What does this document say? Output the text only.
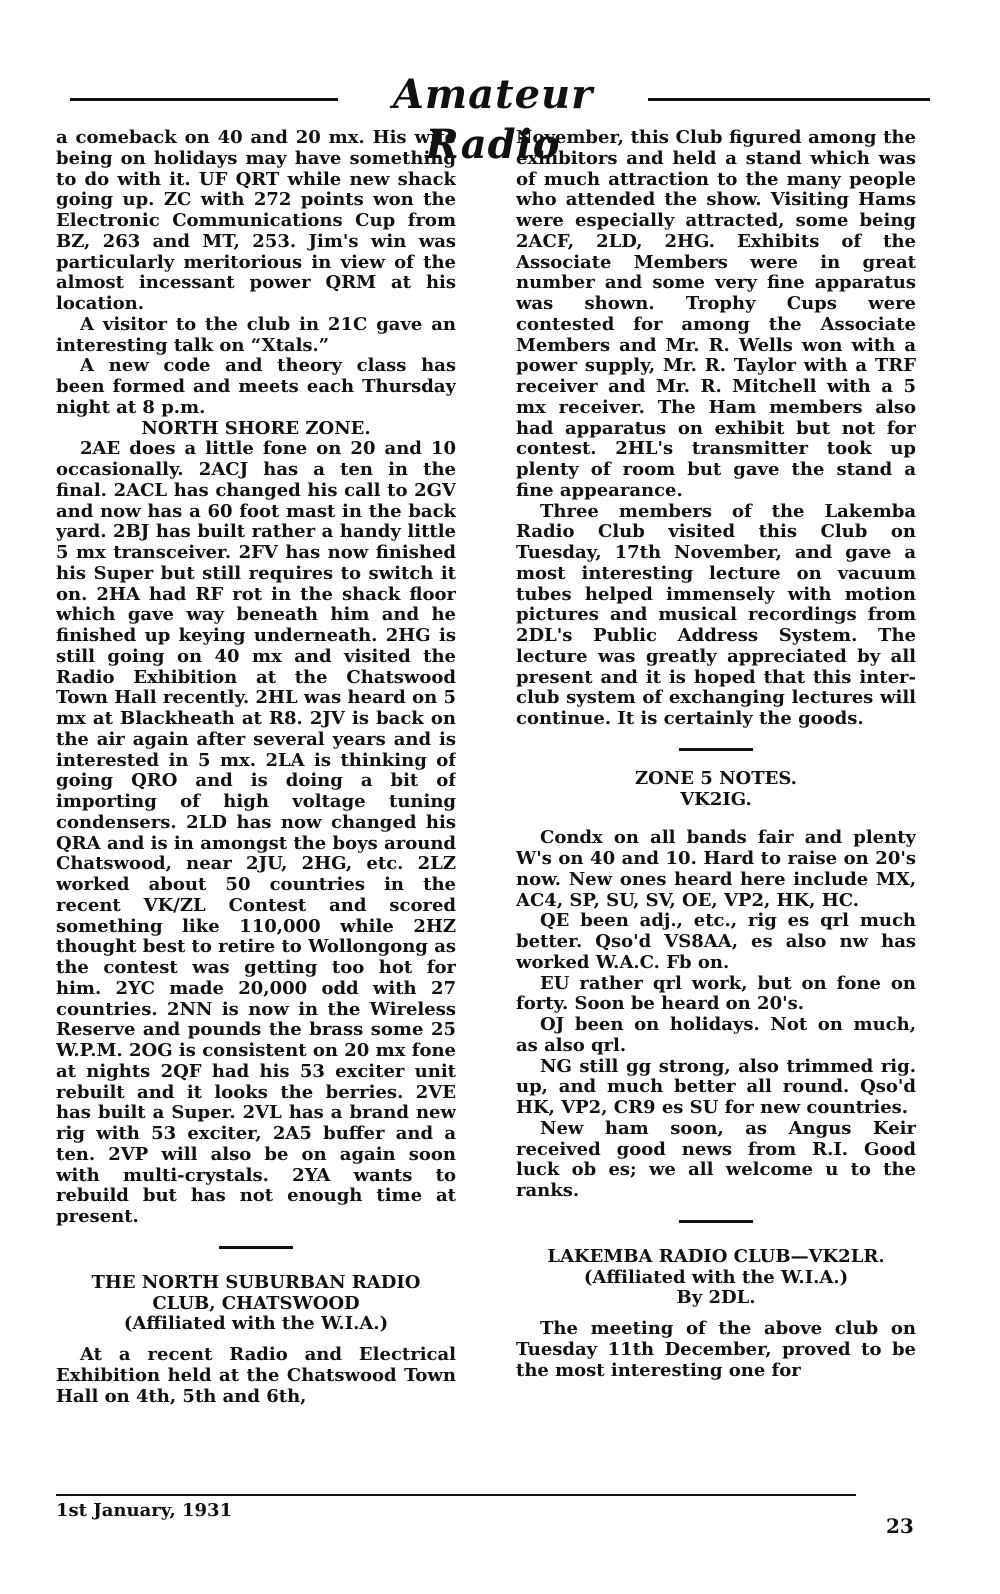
Amateur Radio

a comeback on 40 and 20 mx. His wife being on holidays may have something to do with it. UF QRT while new shack going up. ZC with 272 points won the Electronic Communications Cup from BZ, 263 and MT, 253. Jim's win was particularly meritorious in view of the almost incessant power QRM at his location.

A visitor to the club in 21C gave an interesting talk on “Xtals.”

A new code and theory class has been formed and meets each Thursday night at 8 p.m.

NORTH SHORE ZONE.

2AE does a little fone on 20 and 10 occasionally. 2ACJ has a ten in the final. 2ACL has changed his call to 2GV and now has a 60 foot mast in the back yard. 2BJ has built rather a handy little 5 mx transceiver. 2FV has now finished his Super but still requires to switch it on. 2HA had RF rot in the shack floor which gave way beneath him and he finished up keying underneath. 2HG is still going on 40 mx and visited the Radio Exhibition at the Chatswood Town Hall recently. 2HL was heard on 5 mx at Blackheath at R8. 2JV is back on the air again after several years and is interested in 5 mx. 2LA is thinking of going QRO and is doing a bit of importing of high voltage tuning condensers. 2LD has now changed his QRA and is in amongst the boys around Chatswood, near 2JU, 2HG, etc. 2LZ worked about 50 countries in the recent VK/ZL Contest and scored something like 110,000 while 2HZ thought best to retire to Wollongong as the contest was getting too hot for him. 2YC made 20,000 odd with 27 countries. 2NN is now in the Wireless Reserve and pounds the brass some 25 W.P.M. 2OG is consistent on 20 mx fone at nights 2QF had his 53 exciter unit rebuilt and it looks the berries. 2VE has built a Super. 2VL has a brand new rig with 53 exciter, 2A5 buffer and a ten. 2VP will also be on again soon with multi-crystals. 2YA wants to rebuild but has not enough time at present.

THE NORTH SUBURBAN RADIO

CLUB, CHATSWOOD

(Affiliated with the W.I.A.)

At a recent Radio and Electrical Exhibition held at the Chatswood Town Hall on 4th, 5th and 6th,

November, this Club figured among the exhibitors and held a stand which was of much attraction to the many people who attended the show. Visiting Hams were especially attracted, some being 2ACF, 2LD, 2HG. Exhibits of the Associate Members were in great number and some very fine apparatus was shown. Trophy Cups were contested for among the Associate Members and Mr. R. Wells won with a power supply, Mr. R. Taylor with a TRF receiver and Mr. R. Mitchell with a 5 mx receiver. The Ham members also had apparatus on exhibit but not for contest. 2HL's transmitter took up plenty of room but gave the stand a fine appearance.

Three members of the Lakemba Radio Club visited this Club on Tuesday, 17th November, and gave a most interesting lecture on vacuum tubes helped immensely with motion pictures and musical recordings from 2DL's Public Address System. The lecture was greatly appreciated by all present and it is hoped that this inter-club system of exchanging lectures will continue. It is certainly the goods.

ZONE 5 NOTES.

VK2IG.

Condx on all bands fair and plenty W's on 40 and 10. Hard to raise on 20's now. New ones heard here include MX, AC4, SP, SU, SV, OE, VP2, HK, HC.

QE been adj., etc., rig es qrl much better. Qso'd VS8AA, es also nw has worked W.A.C. Fb on.

EU rather qrl work, but on fone on forty. Soon be heard on 20's.

OJ been on holidays. Not on much, as also qrl.

NG still gg strong, also trimmed rig. up, and much better all round. Qso'd HK, VP2, CR9 es SU for new countries.

New ham soon, as Angus Keir received good news from R.I. Good luck ob es; we all welcome u to the ranks.

LAKEMBA RADIO CLUB—VK2LR.

(Affiliated with the W.I.A.)

By 2DL.

The meeting of the above club on Tuesday 11th December, proved to be the most interesting one for

1st January, 1931
23
